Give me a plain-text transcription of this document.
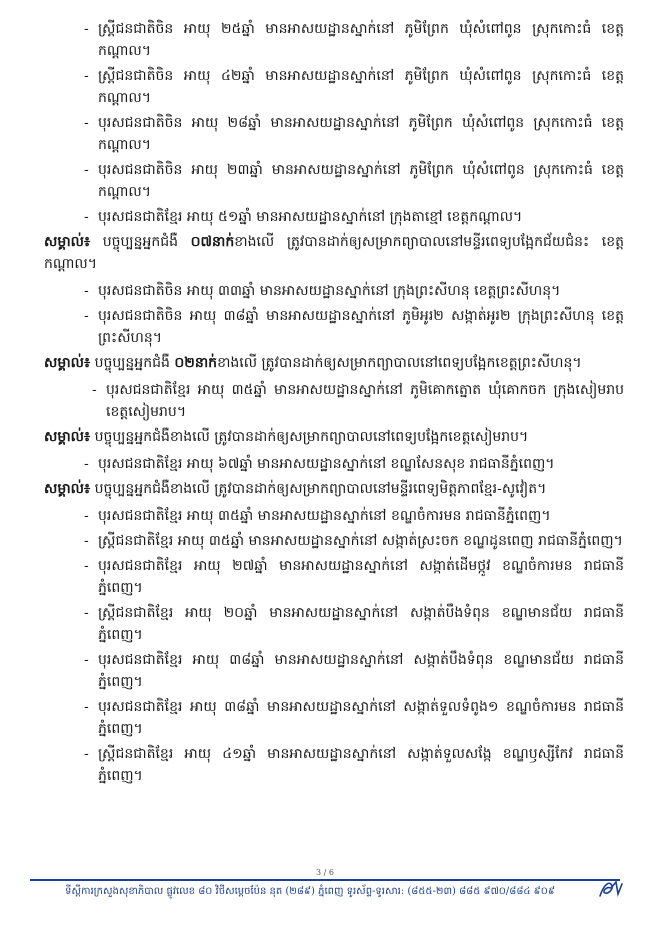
- ស្ត្រីជនជាតិចិន អាយុ ២៥ឆ្នាំ មានអាសយដ្ឋានស្នាក់នៅ ភូមិព្រែក ឃុំសំពៅពូន ស្រុកកោះធំ ខេត្តកណ្តាល។
- ស្ត្រីជនជាតិចិន អាយុ ៤២ឆ្នាំ មានអាសយដ្ឋានស្នាក់នៅ ភូមិព្រែក ឃុំសំពៅពូន ស្រុកកោះធំ ខេត្តកណ្តាល។
- បុរសជនជាតិចិន អាយុ ២៨ឆ្នាំ មានអាសយដ្ឋានស្នាក់នៅ ភូមិព្រែក ឃុំសំពៅពូន ស្រុកកោះធំ ខេត្តកណ្តាល។
- បុរសជនជាតិចិន អាយុ ២៣ឆ្នាំ មានអាសយដ្ឋានស្នាក់នៅ ភូមិព្រែក ឃុំសំពៅពូន ស្រុកកោះធំ ខេត្តកណ្តាល។
- បុរសជនជាតិខ្មែរ អាយុ ៥១ឆ្នាំ មានអាសយដ្ឋានស្នាក់នៅ ក្រុងតាខ្មៅ ខេត្តកណ្តាល។
សម្គាល់៖ បច្ចុប្បន្នអ្នកជំងឺ ០៧នាក់ខាងលើ ត្រូវបានដាក់ឲ្យសម្រាកព្យាបាលនៅមន្ទីរពេទ្យបង្អែកជ័យជំនះ ខេត្តកណ្តាល។
- បុរសជនជាតិចិន អាយុ ៣៣ឆ្នាំ មានអាសយដ្ឋានស្នាក់នៅ ក្រុងព្រះសីហនុ ខេត្តព្រះសីហនុ។
- បុរសជនជាតិចិន អាយុ ៣៨ឆ្នាំ មានអាសយដ្ឋានស្នាក់នៅ ភូមិអូរ២ សង្កាត់អូរ២ ក្រុងព្រះសីហនុ ខេត្តព្រះសីហនុ។
សម្គាល់៖ បច្ចុប្បន្នអ្នកជំងឺ ០២នាក់ខាងលើ ត្រូវបានដាក់ឲ្យសម្រាកព្យាបាលនៅពេទ្យបង្អែកខេត្តព្រះសីហនុ។
- បុរសជនជាតិខ្មែរ អាយុ ៣៥ឆ្នាំ មានអាសយដ្ឋានស្នាក់នៅ ភូមិគោកត្នោត ឃុំគោកចក ក្រុងសៀមរាប ខេត្តសៀមរាប។
សម្គាល់៖ បច្ចុប្បន្នអ្នកជំងឺខាងលើ ត្រូវបានដាក់ឲ្យសម្រាកព្យាបាលនៅពេទ្យបង្អែកខេត្តសៀមរាប។
- បុរសជនជាតិខ្មែរ អាយុ ៦៧ឆ្នាំ មានអាសយដ្ឋានស្នាក់នៅ ខណ្ឌសែនសុខ រាជធានីភ្នំពេញ។
សម្គាល់៖ បច្ចុប្បន្នអ្នកជំងឺខាងលើ ត្រូវបានដាក់ឲ្យសម្រាកព្យាបាលនៅមន្ទីរពេទ្យមិត្តភាពខ្មែរ-សូវៀត។
- បុរសជនជាតិខ្មែរ អាយុ ៣៥ឆ្នាំ មានអាសយដ្ឋានស្នាក់នៅ ខណ្ឌចំការមន រាជធានីភ្នំពេញ។
- ស្ត្រីជនជាតិខ្មែរ អាយុ ៣៥ឆ្នាំ មានអាសយដ្ឋានស្នាក់នៅ សង្កាត់ស្រះចក ខណ្ឌដូនពេញ រាជធានីភ្នំពេញ។
- បុរសជនជាតិខ្មែរ អាយុ ២៧ឆ្នាំ មានអាសយដ្ឋានស្នាក់នៅ សង្កាត់ដើមថ្កូវ ខណ្ឌចំការមន រាជធានីភ្នំពេញ។
- ស្ត្រីជនជាតិខ្មែរ អាយុ ២០ឆ្នាំ មានអាសយដ្ឋានស្នាក់នៅ សង្កាត់បឹងទំពុន ខណ្ឌមានជ័យ រាជធានីភ្នំពេញ។
- បុរសជនជាតិខ្មែរ អាយុ ៣៨ឆ្នាំ មានអាសយដ្ឋានស្នាក់នៅ សង្កាត់បឹងទំពុន ខណ្ឌមានជ័យ រាជធានីភ្នំពេញ។
- បុរសជនជាតិខ្មែរ អាយុ ៣៨ឆ្នាំ មានអាសយដ្ឋានស្នាក់នៅ សង្កាត់ទួលទំពូង១ ខណ្ឌចំការមន រាជធានីភ្នំពេញ។
- ស្ត្រីជនជាតិខ្មែរ អាយុ ៤១ឆ្នាំ មានអាសយដ្ឋានស្នាក់នៅ សង្កាត់ទួលសង្កែ ខណ្ឌឫស្សីកែវ រាជធានីភ្នំពេញ។
3 / 6
ទីស្តីការក្រសួងសុខាភិបាល ផ្លូវលេខ ៨០ វិថីសម្តេចប៉ែន នុត (២៨៩) ភ្នំពេញ ទូរស័ព្ទ-ទូរសារ: (៨៥៥-២៣) ៨៨៥ ៩៧០/៨៨៤ ៩០៩
